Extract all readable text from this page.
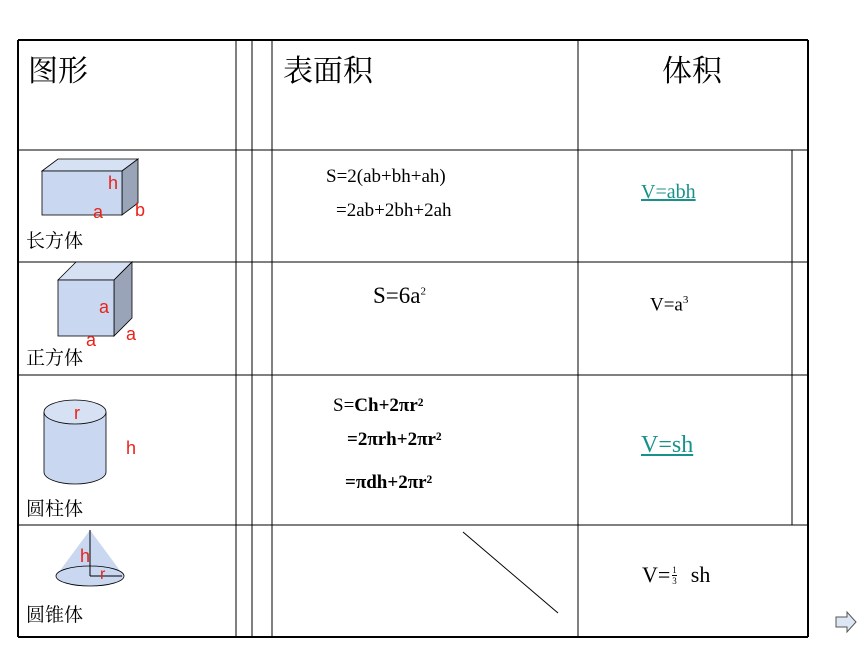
图形	表面积	体积
h
a b
长方体
S=2(ab+bh+ah)
=2ab+2bh+2ah
V=abh
a
a a
正方体
$S=6a^2$
$V=a^3$
r
h
圆柱体
S=Ch+2πr²
=2πrh+2πr²
=πdh+2πr²
V=sh
h
r
圆锥体
$V= \frac{1}{3}$ sh
